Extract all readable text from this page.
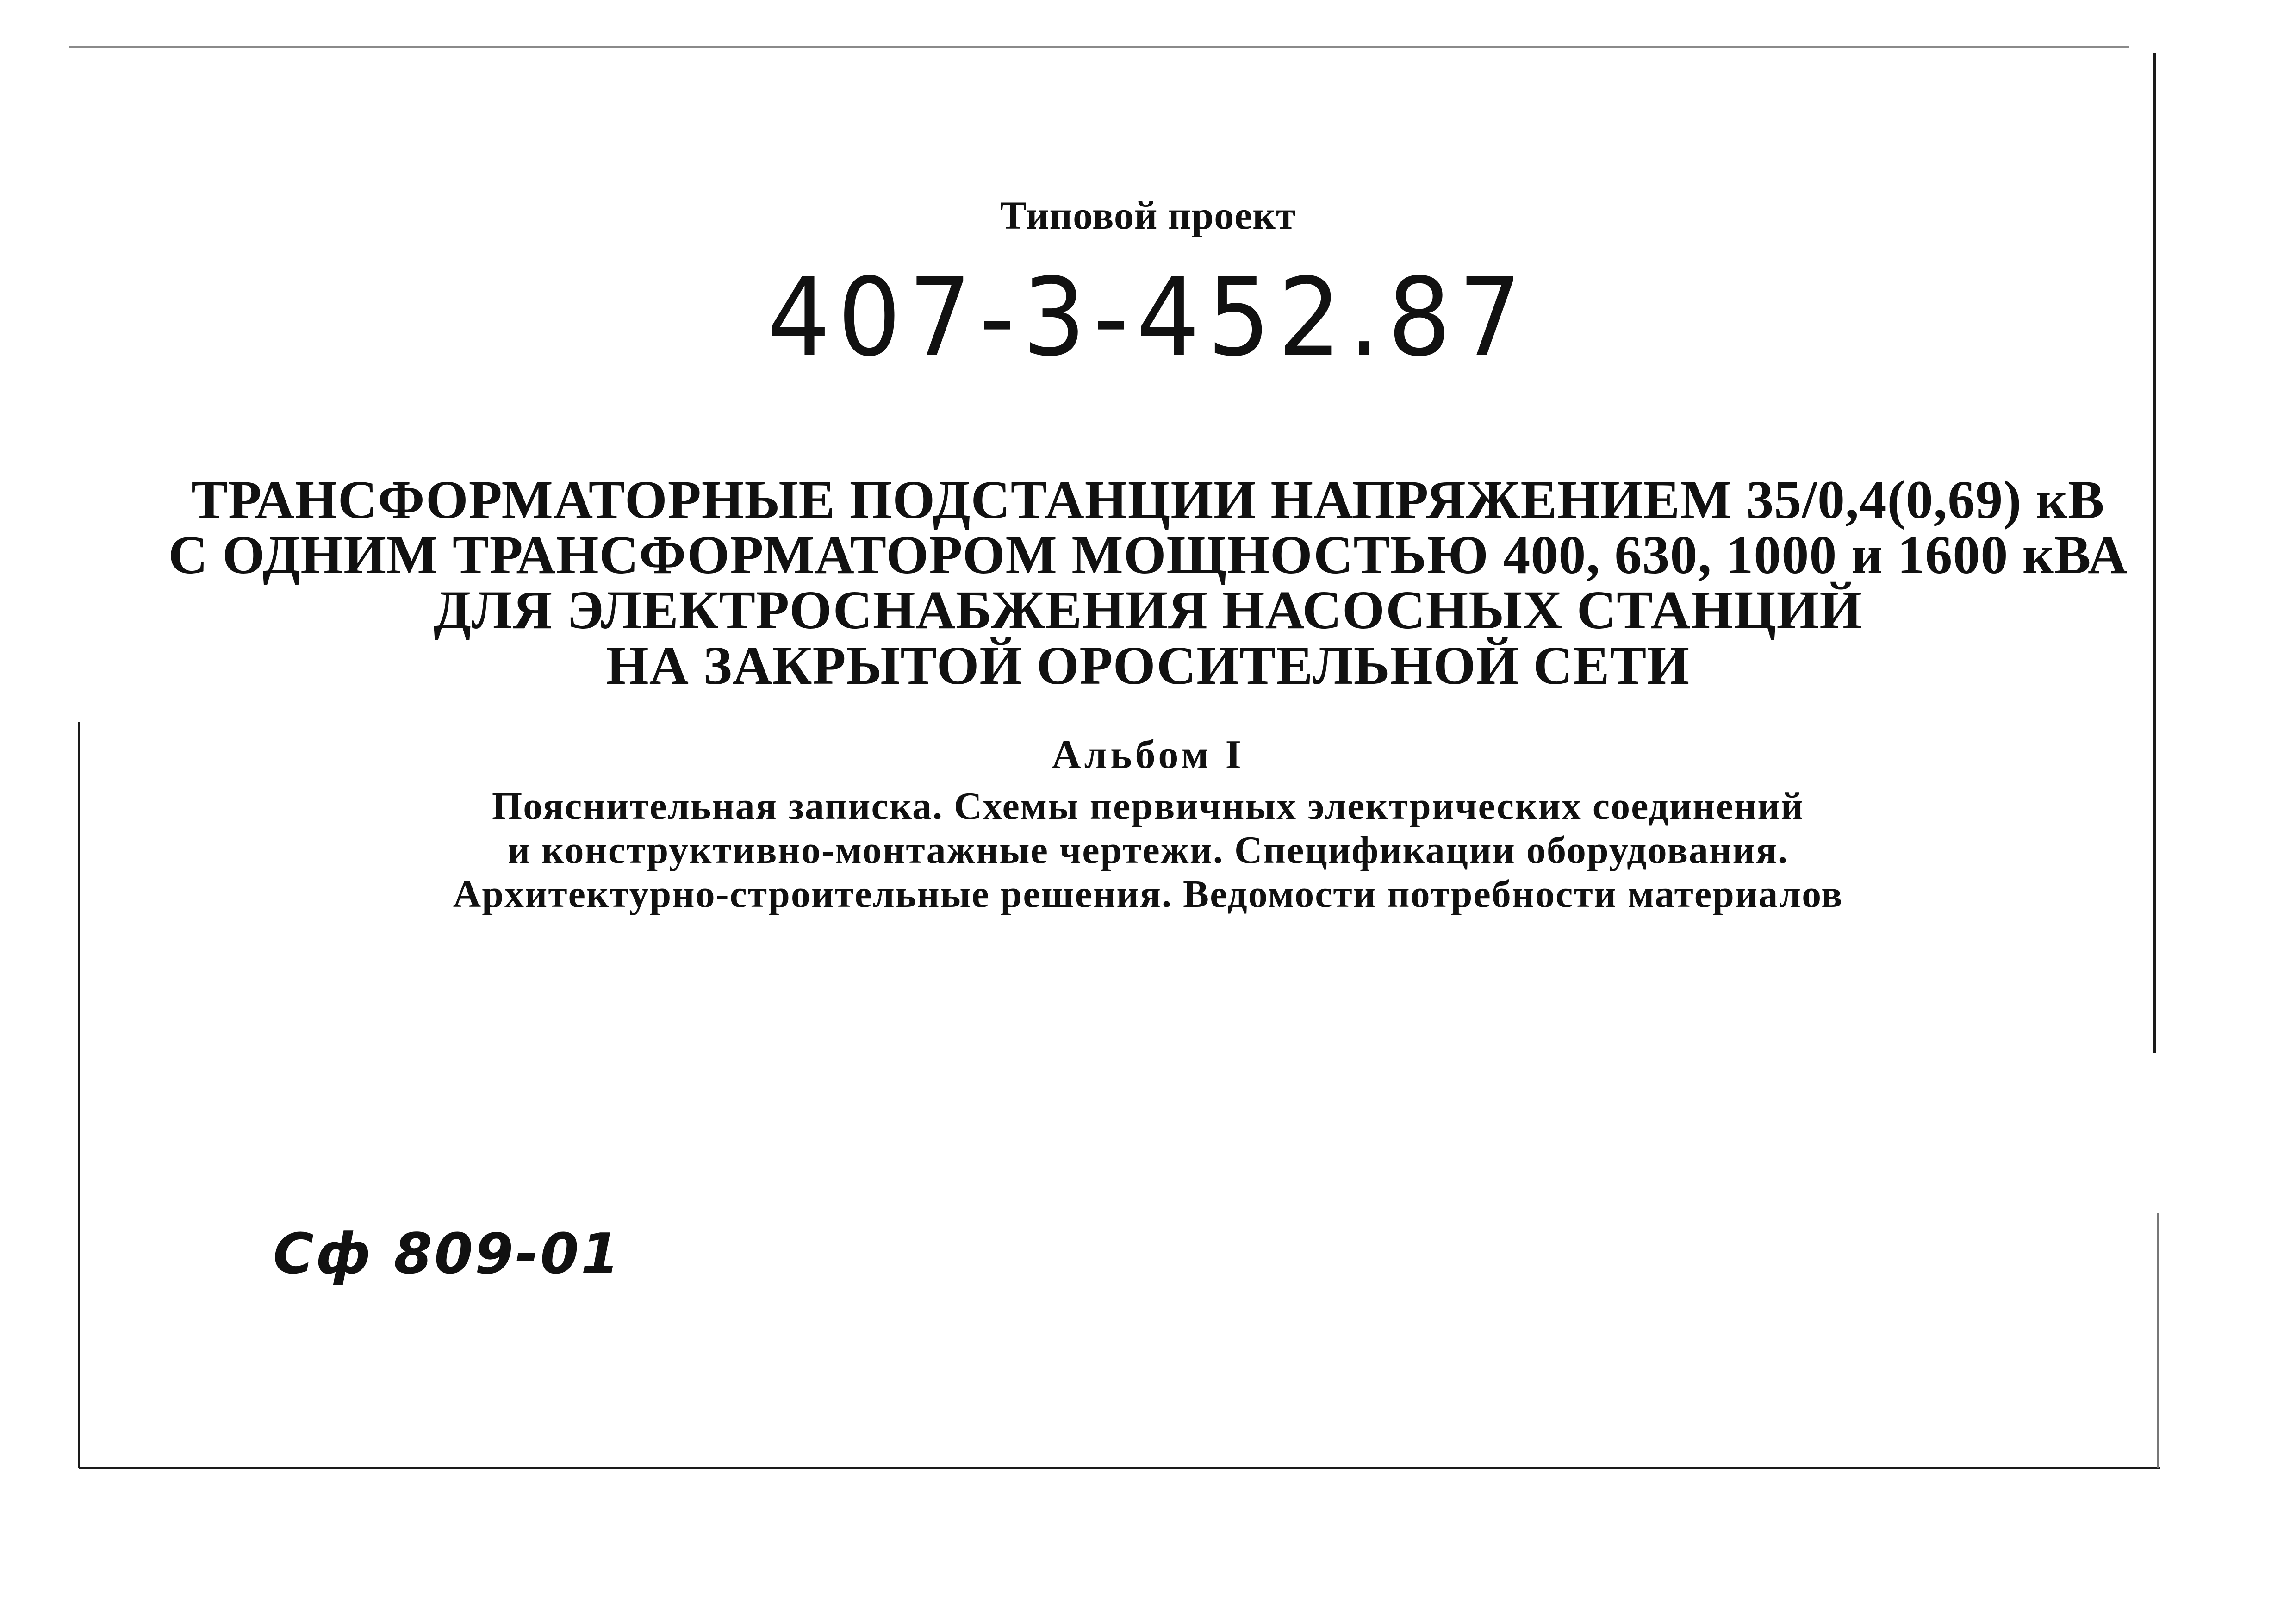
Типовой проект
407-3-452.87
ТРАНСФОРМАТОРНЫЕ ПОДСТАНЦИИ НАПРЯЖЕНИЕМ 35/0,4(0,69) кВ
С ОДНИМ ТРАНСФОРМАТОРОМ МОЩНОСТЬЮ 400, 630, 1000 и 1600 кВА
ДЛЯ ЭЛЕКТРОСНАБЖЕНИЯ НАСОСНЫХ СТАНЦИЙ
НА ЗАКРЫТОЙ ОРОСИТЕЛЬНОЙ СЕТИ
Альбом I
Пояснительная записка. Схемы первичных электрических соединений
и конструктивно-монтажные чертежи. Спецификации оборудования.
Архитектурно-строительные решения. Ведомости потребности материалов
Сф 809-01
